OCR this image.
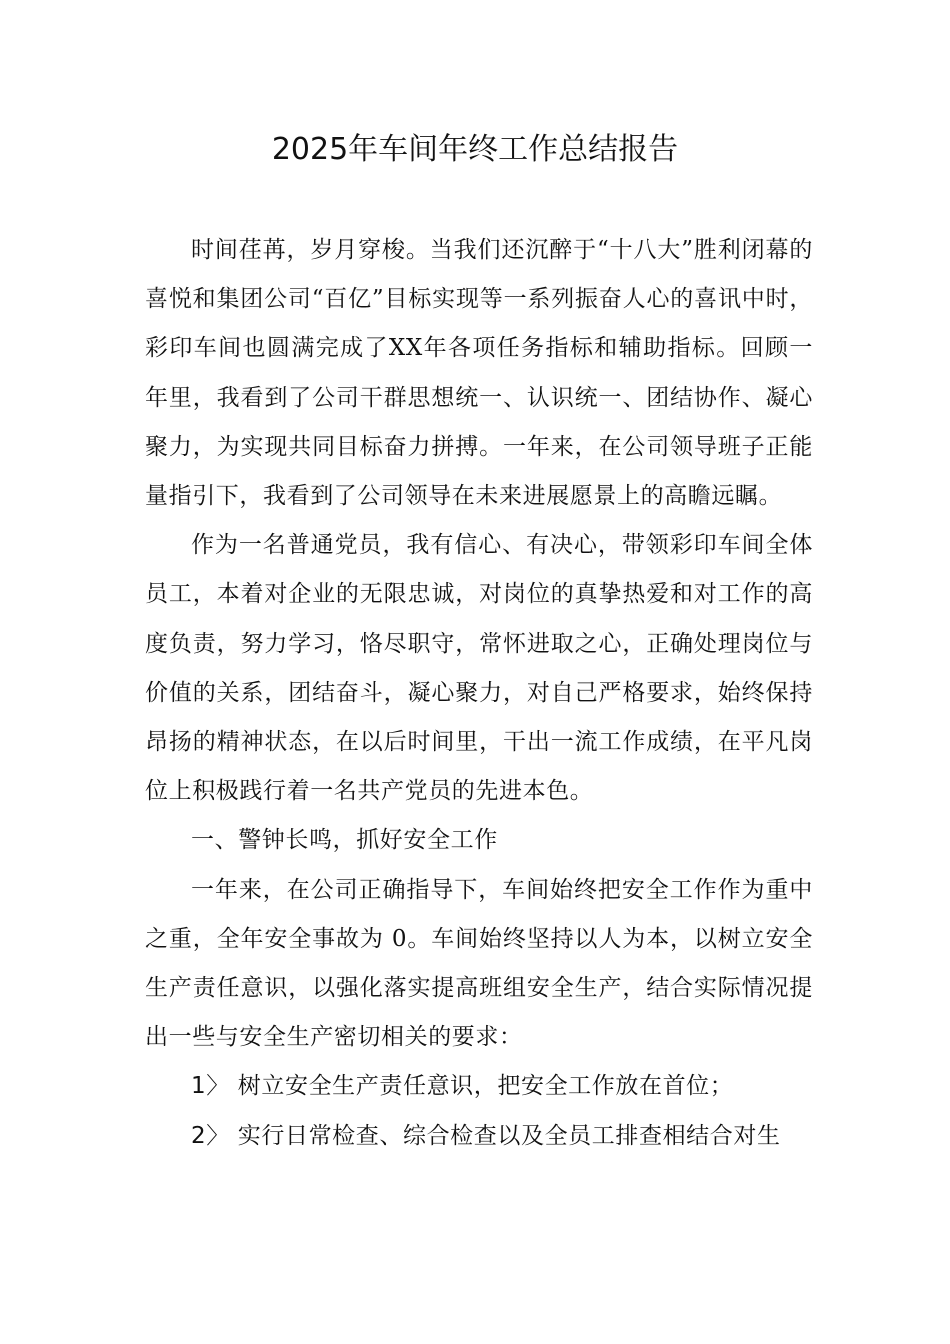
2025年车间年终工作总结报告

时间荏苒，岁月穿梭。当我们还沉醉于“十八大”胜利闭幕的喜悦和集团公司“百亿”目标实现等一系列振奋人心的喜讯中时，彩印车间也圆满完成了XX年各项任务指标和辅助指标。回顾一年里，我看到了公司干群思想统一、认识统一、团结协作、凝心聚力，为实现共同目标奋力拼搏。一年来，在公司领导班子正能量指引下，我看到了公司领导在未来进展愿景上的高瞻远瞩。

作为一名普通党员，我有信心、有决心，带领彩印车间全体员工，本着对企业的无限忠诚，对岗位的真挚热爱和对工作的高度负责，努力学习，恪尽职守，常怀进取之心，正确处理岗位与价值的关系，团结奋斗，凝心聚力，对自己严格要求，始终保持昂扬的精神状态，在以后时间里，干出一流工作成绩，在平凡岗位上积极践行着一名共产党员的先进本色。

一、警钟长鸣，抓好安全工作

一年来，在公司正确指导下，车间始终把安全工作作为重中之重，全年安全事故为 0。车间始终坚持以人为本，以树立安全生产责任意识，以强化落实提高班组安全生产，结合实际情况提出一些与安全生产密切相关的要求：

1〉 树立安全生产责任意识，把安全工作放在首位；

2〉 实行日常检查、综合检查以及全员工排查相结合对生
